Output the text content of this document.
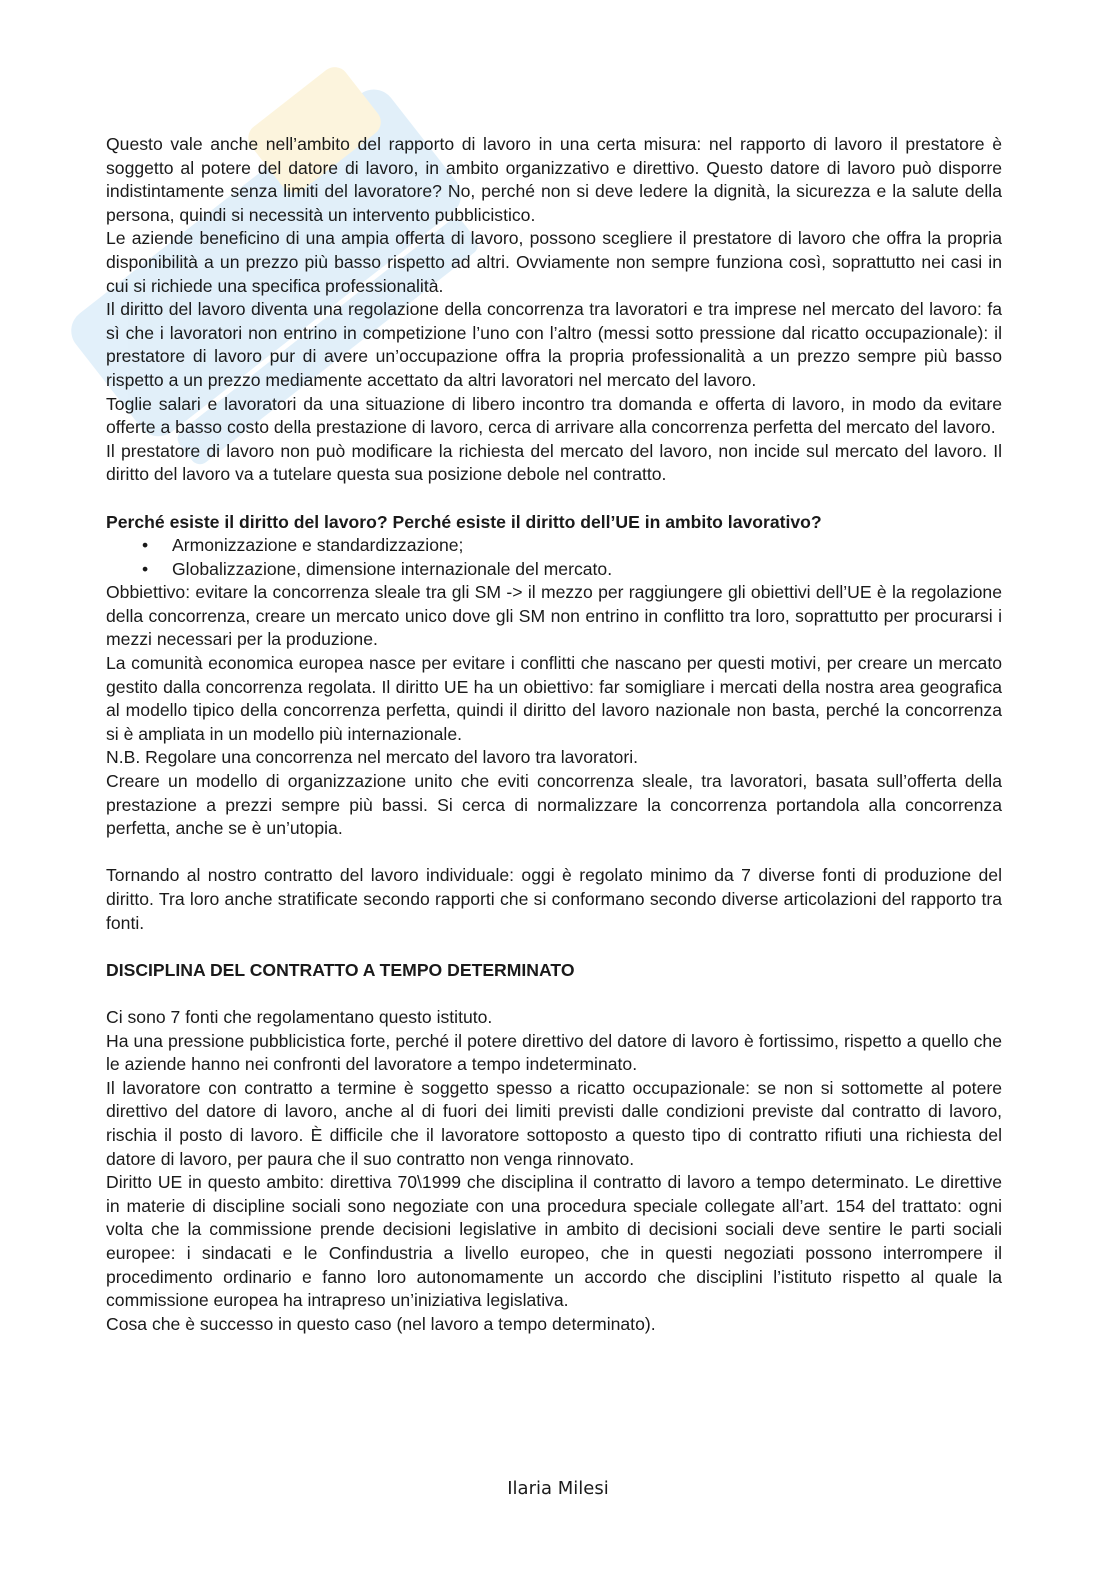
Questo vale anche nell’ambito del rapporto di lavoro in una certa misura: nel rapporto di lavoro il prestatore è soggetto al potere del datore di lavoro, in ambito organizzativo e direttivo. Questo datore di lavoro può disporre indistintamente senza limiti del lavoratore? No, perché non si deve ledere la dignità, la sicurezza e la salute della persona, quindi si necessità un intervento pubblicistico.

Le aziende beneficino di una ampia offerta di lavoro, possono scegliere il prestatore di lavoro che offra la propria disponibilità a un prezzo più basso rispetto ad altri. Ovviamente non sempre funziona così, soprattutto nei casi in cui si richiede una specifica professionalità.

Il diritto del lavoro diventa una regolazione della concorrenza tra lavoratori e tra imprese nel mercato del lavoro: fa sì che i lavoratori non entrino in competizione l’uno con l’altro (messi sotto pressione dal ricatto occupazionale): il prestatore di lavoro pur di avere un’occupazione offra la propria professionalità a un prezzo sempre più basso rispetto a un prezzo mediamente accettato da altri lavoratori nel mercato del lavoro.

Toglie salari e lavoratori da una situazione di libero incontro tra domanda e offerta di lavoro, in modo da evitare offerte a basso costo della prestazione di lavoro, cerca di arrivare alla concorrenza perfetta del mercato del lavoro.

Il prestatore di lavoro non può modificare la richiesta del mercato del lavoro, non incide sul mercato del lavoro. Il diritto del lavoro va a tutelare questa sua posizione debole nel contratto.

Perché esiste il diritto del lavoro? Perché esiste il diritto dell’UE in ambito lavorativo?

• Armonizzazione e standardizzazione;
• Globalizzazione, dimensione internazionale del mercato.

Obbiettivo: evitare la concorrenza sleale tra gli SM -> il mezzo per raggiungere gli obiettivi dell’UE è la regolazione della concorrenza, creare un mercato unico dove gli SM non entrino in conflitto tra loro, soprattutto per procurarsi i mezzi necessari per la produzione.

La comunità economica europea nasce per evitare i conflitti che nascano per questi motivi, per creare un mercato gestito dalla concorrenza regolata. Il diritto UE ha un obiettivo: far somigliare i mercati della nostra area geografica al modello tipico della concorrenza perfetta, quindi il diritto del lavoro nazionale non basta, perché la concorrenza si è ampliata in un modello più internazionale.

N.B. Regolare una concorrenza nel mercato del lavoro tra lavoratori.

Creare un modello di organizzazione unito che eviti concorrenza sleale, tra lavoratori, basata sull’offerta della prestazione a prezzi sempre più bassi. Si cerca di normalizzare la concorrenza portandola alla concorrenza perfetta, anche se è un’utopia.

Tornando al nostro contratto del lavoro individuale: oggi è regolato minimo da 7 diverse fonti di produzione del diritto. Tra loro anche stratificate secondo rapporti che si conformano secondo diverse articolazioni del rapporto tra fonti.

DISCIPLINA DEL CONTRATTO A TEMPO DETERMINATO

Ci sono 7 fonti che regolamentano questo istituto.

Ha una pressione pubblicistica forte, perché il potere direttivo del datore di lavoro è fortissimo, rispetto a quello che le aziende hanno nei confronti del lavoratore a tempo indeterminato.

Il lavoratore con contratto a termine è soggetto spesso a ricatto occupazionale: se non si sottomette al potere direttivo del datore di lavoro, anche al di fuori dei limiti previsti dalle condizioni previste dal contratto di lavoro, rischia il posto di lavoro. È difficile che il lavoratore sottoposto a questo tipo di contratto rifiuti una richiesta del datore di lavoro, per paura che il suo contratto non venga rinnovato.

Diritto UE in questo ambito: direttiva 70\1999 che disciplina il contratto di lavoro a tempo determinato. Le direttive in materie di discipline sociali sono negoziate con una procedura speciale collegate all’art. 154 del trattato: ogni volta che la commissione prende decisioni legislative in ambito di decisioni sociali deve sentire le parti sociali europee: i sindacati e le Confindustria a livello europeo, che in questi negoziati possono interrompere il procedimento ordinario e fanno loro autonomamente un accordo che disciplini l’istituto rispetto al quale la commissione europea ha intrapreso un’iniziativa legislativa.

Cosa che è successo in questo caso (nel lavoro a tempo determinato).

Ilaria Milesi
